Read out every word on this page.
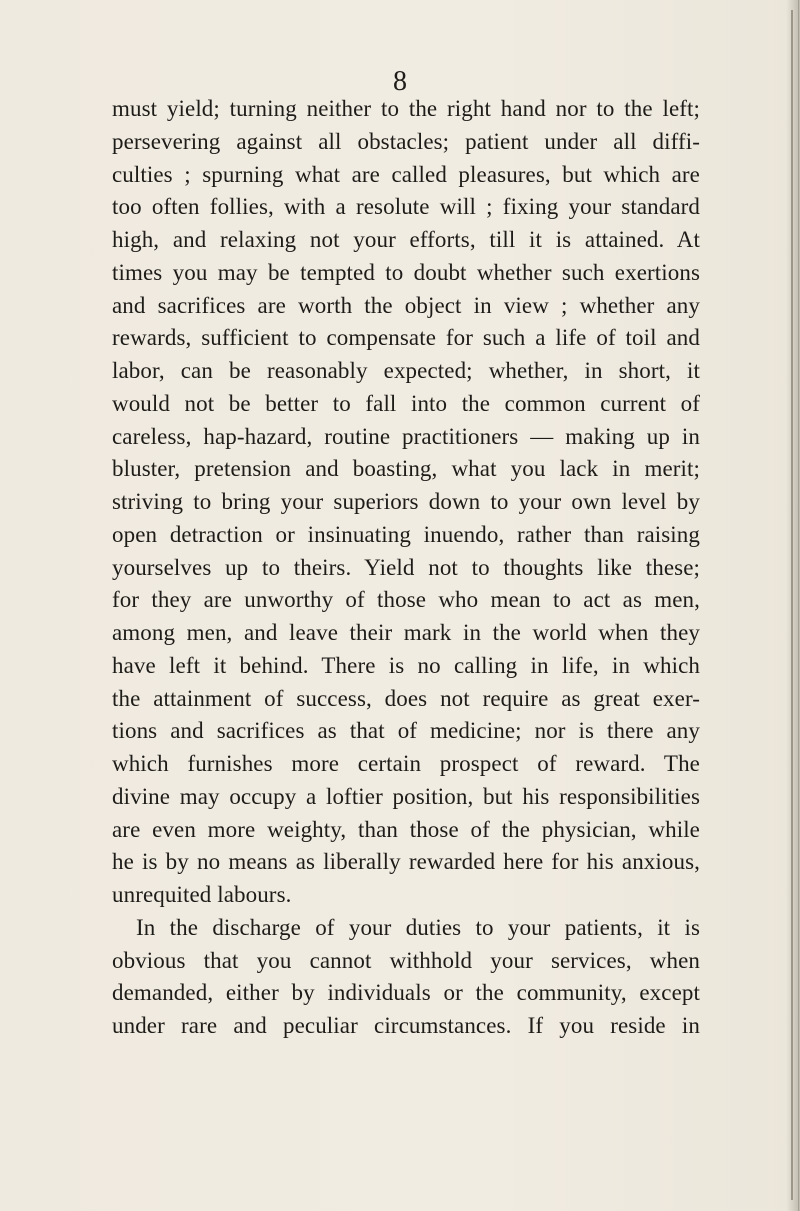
8
must yield; turning neither to the right hand nor to the left;
persevering against all obstacles; patient under all diffi-
culties ; spurning what are called pleasures, but which are
too often follies, with a resolute will ; fixing your standard
high, and relaxing not your efforts, till it is attained. At
times you may be tempted to doubt whether such exertions
and sacrifices are worth the object in view ; whether any
rewards, sufficient to compensate for such a life of toil and
labor, can be reasonably expected; whether, in short, it
would not be better to fall into the common current of
careless, hap-hazard, routine practitioners — making up in
bluster, pretension and boasting, what you lack in merit;
striving to bring your superiors down to your own level by
open detraction or insinuating inuendo, rather than raising
yourselves up to theirs. Yield not to thoughts like these;
for they are unworthy of those who mean to act as men,
among men, and leave their mark in the world when they
have left it behind. There is no calling in life, in which
the attainment of success, does not require as great exer-
tions and sacrifices as that of medicine; nor is there any
which furnishes more certain prospect of reward. The
divine may occupy a loftier position, but his responsibilities
are even more weighty, than those of the physician, while
he is by no means as liberally rewarded here for his anxious,
unrequited labours.
In the discharge of your duties to your patients, it is
obvious that you cannot withhold your services, when
demanded, either by individuals or the community, except
under rare and peculiar circumstances. If you reside in
